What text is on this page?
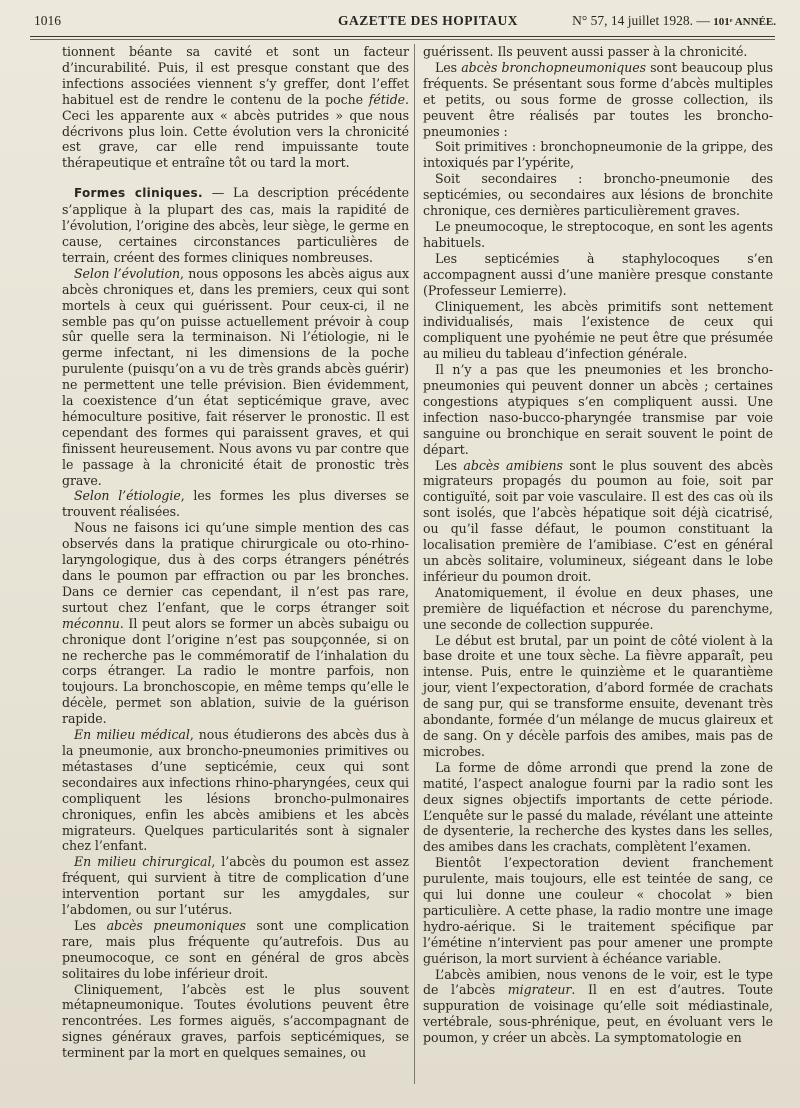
1016	GAZETTE DES HOPITAUX	N° 57, 14 juillet 1928. — 101ᵉ ANNÉE.

tionnent béante sa cavité et sont un facteur d’incurabilité. Puis, il est presque constant que des infections associées viennent s’y greffer, dont l’effet habituel est de rendre le contenu de la poche fétide. Ceci les apparente aux « abcès putrides » que nous décrivons plus loin. Cette évolution vers la chronicité est grave, car elle rend impuissante toute thérapeutique et entraîne tôt ou tard la mort.

Formes cliniques. — La description précédente s’applique à la plupart des cas, mais la rapidité de l’évolution, l’origine des abcès, leur siège, le germe en cause, certaines circonstances particulières de terrain, créent des formes cliniques nombreuses.

Selon l’évolution, nous opposons les abcès aigus aux abcès chroniques et, dans les premiers, ceux qui sont mortels à ceux qui guérissent. Pour ceux-ci, il ne semble pas qu’on puisse actuellement prévoir à coup sûr quelle sera la terminaison. Ni l’étiologie, ni le germe infectant, ni les dimensions de la poche purulente (puisqu’on a vu de très grands abcès guérir) ne permettent une telle prévision. Bien évidemment, la coexistence d’un état septicémique grave, avec hémoculture positive, fait réserver le pronostic. Il est cependant des formes qui paraissent graves, et qui finissent heureusement. Nous avons vu par contre que le passage à la chronicité était de pronostic très grave.

Selon l’étiologie, les formes les plus diverses se trouvent réalisées.

Nous ne faisons ici qu’une simple mention des cas observés dans la pratique chirurgicale ou oto-rhino-laryngologique, dus à des corps étrangers pénétrés dans le poumon par effraction ou par les bronches. Dans ce dernier cas cependant, il n’est pas rare, surtout chez l’enfant, que le corps étranger soit méconnu. Il peut alors se former un abcès subaigu ou chronique dont l’origine n’est pas soupçonnée, si on ne recherche pas le commémoratif de l’inhalation du corps étranger. La radio le montre parfois, non toujours. La bronchoscopie, en même temps qu’elle le décèle, permet son ablation, suivie de la guérison rapide.

En milieu médical, nous étudierons des abcès dus à la pneumonie, aux broncho-pneumonies primitives ou métastases d’une septicémie, ceux qui sont secondaires aux infections rhino-pharyngées, ceux qui compliquent les lésions broncho-pulmonaires chroniques, enfin les abcès amibiens et les abcès migrateurs. Quelques particularités sont à signaler chez l’enfant.

En milieu chirurgical, l’abcès du poumon est assez fréquent, qui survient à titre de complication d’une intervention portant sur les amygdales, sur l’abdomen, ou sur l’utérus.

Les abcès pneumoniques sont une complication rare, mais plus fréquente qu’autrefois. Dus au pneumocoque, ce sont en général de gros abcès solitaires du lobe inférieur droit.

Cliniquement, l’abcès est le plus souvent métapneumonique. Toutes évolutions peuvent être rencontrées. Les formes aiguës, s’accompagnant de signes généraux graves, parfois septicémiques, se terminent par la mort en quelques semaines, ou

guérissent. Ils peuvent aussi passer à la chronicité.

Les abcès bronchopneumoniques sont beaucoup plus fréquents. Se présentant sous forme d’abcès multiples et petits, ou sous forme de grosse collection, ils peuvent être réalisés par toutes les broncho-pneumonies :

Soit primitives : bronchopneumonie de la grippe, des intoxiqués par l’ypérite,

Soit secondaires : broncho-pneumonie des septicémies, ou secondaires aux lésions de bronchite chronique, ces dernières particulièrement graves.

Le pneumocoque, le streptocoque, en sont les agents habituels.

Les septicémies à staphylocoques s’en accompagnent aussi d’une manière presque constante (Professeur Lemierre).

Cliniquement, les abcès primitifs sont nettement individualisés, mais l’existence de ceux qui compliquent une pyohémie ne peut être que présumée au milieu du tableau d’infection générale.

Il n’y a pas que les pneumonies et les broncho-pneumonies qui peuvent donner un abcès ; certaines congestions atypiques s’en compliquent aussi. Une infection naso-bucco-pharyngée transmise par voie sanguine ou bronchique en serait souvent le point de départ.

Les abcès amibiens sont le plus souvent des abcès migrateurs propagés du poumon au foie, soit par contiguïté, soit par voie vasculaire. Il est des cas où ils sont isolés, que l’abcès hépatique soit déjà cicatrisé, ou qu’il fasse défaut, le poumon constituant la localisation première de l’amibiase. C’est en général un abcès solitaire, volumineux, siégeant dans le lobe inférieur du poumon droit.

Anatomiquement, il évolue en deux phases, une première de liquéfaction et nécrose du parenchyme, une seconde de collection suppurée.

Le début est brutal, par un point de côté violent à la base droite et une toux sèche. La fièvre apparaît, peu intense. Puis, entre le quinzième et le quarantième jour, vient l’expectoration, d’abord formée de crachats de sang pur, qui se transforme ensuite, devenant très abondante, formée d’un mélange de mucus glaireux et de sang. On y décèle parfois des amibes, mais pas de microbes.

La forme de dôme arrondi que prend la zone de matité, l’aspect analogue fourni par la radio sont les deux signes objectifs importants de cette période. L’enquête sur le passé du malade, révélant une atteinte de dysenterie, la recherche des kystes dans les selles, des amibes dans les crachats, complètent l’examen.

Bientôt l’expectoration devient franchement purulente, mais toujours, elle est teintée de sang, ce qui lui donne une couleur « chocolat » bien particulière. A cette phase, la radio montre une image hydro-aérique. Si le traitement spécifique par l’émétine n’intervient pas pour amener une prompte guérison, la mort survient à échéance variable.

L’abcès amibien, nous venons de le voir, est le type de l’abcès migrateur. Il en est d’autres. Toute suppuration de voisinage qu’elle soit médiastinale, vertébrale, sous-phrénique, peut, en évoluant vers le poumon, y créer un abcès. La symptomatologie en
